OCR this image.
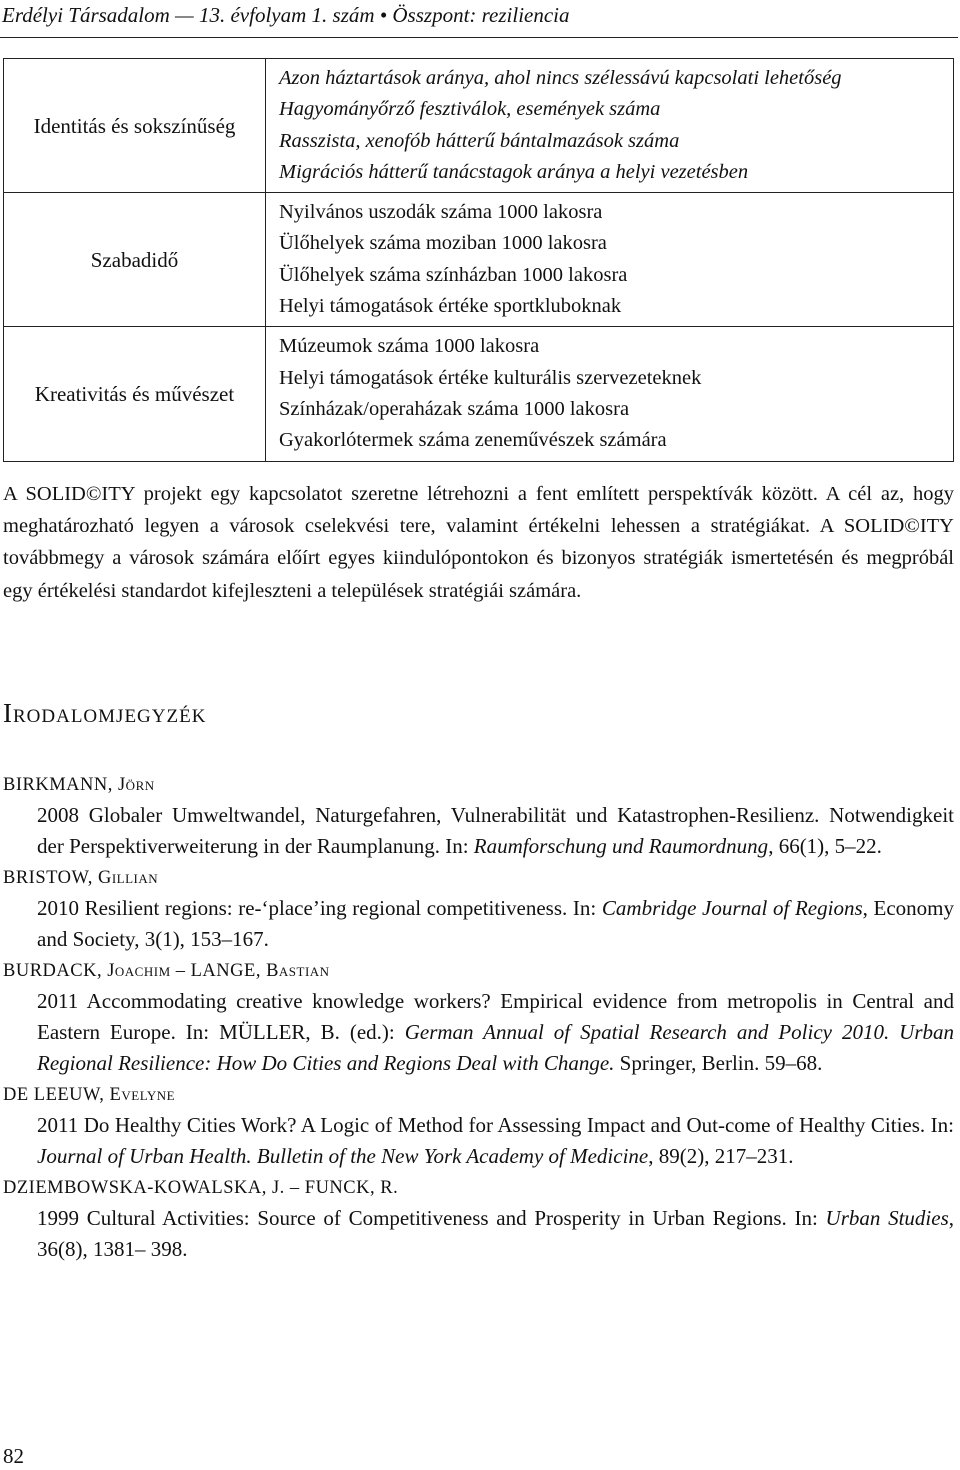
Erdélyi Társadalom — 13. évfolyam 1. szám • Összpont: reziliencia
Identitás és sokszínűség	Azon háztartások aránya, ahol nincs szélessávú kapcsolati lehetőség
Hagyományőrző fesztiválok, események száma
Rasszista, xenofób hátterű bántalmazások száma
Migrációs hátterű tanácstagok aránya a helyi vezetésben

Szabadidő	Nyilvános uszodák száma 1000 lakosra
Ülőhelyek száma moziban 1000 lakosra
Ülőhelyek száma színházban 1000 lakosra
Helyi támogatások értéke sportkluboknak

Kreativitás és művészet	Múzeumok száma 1000 lakosra
Helyi támogatások értéke kulturális szervezeteknek
Színházak/operaházak száma 1000 lakosra
Gyakorlótermek száma zeneművészek számára

A SOLID©ITY projekt egy kapcsolatot szeretne létrehozni a fent említett perspektívák között. A cél az, hogy meghatározható legyen a városok cselekvési tere, valamint értékelni lehessen a stratégiákat. A SOLID©ITY továbbmegy a városok számára előírt egyes kiindulópontokon és bizonyos stratégiák ismertetésén és megpróbál egy értékelési standardot kifejleszteni a települések stratégiái számára.

Irodalomjegyzék
BIRKMANN, Jörn
2008 Globaler Umweltwandel, Naturgefahren, Vulnerabilität und Katastrophen-Resilienz. Notwendigkeit der Perspektiverweiterung in der Raumplanung. In: Raumforschung und Raumordnung, 66(1), 5‒22.
BRISTOW, Gillian
2010 Resilient regions: re-‘place’ing regional competitiveness. In: Cambridge Journal of Regions, Economy and Society, 3(1), 153‒167.
BURDACK, Joachim ‒ LANGE, Bastian
2011 Accommodating creative knowledge workers? Empirical evidence from metropolis in Central and Eastern Europe. In: MÜLLER, B. (ed.): German Annual of Spatial Research and Policy 2010. Urban Regional Resilience: How Do Cities and Regions Deal with Change. Springer, Berlin. 59‒68.
DE LEEUW, Evelyne
2011 Do Healthy Cities Work? A Logic of Method for Assessing Impact and Out-come of Healthy Cities. In: Journal of Urban Health. Bulletin of the New York Academy of Medicine, 89(2), 217‒231.
DZIEMBOWSKA-KOWALSKA, J. ‒ FUNCK, R.
1999 Cultural Activities: Source of Competitiveness and Prosperity in Urban Regions. In: Urban Studies, 36(8), 1381‒ 398.
82
